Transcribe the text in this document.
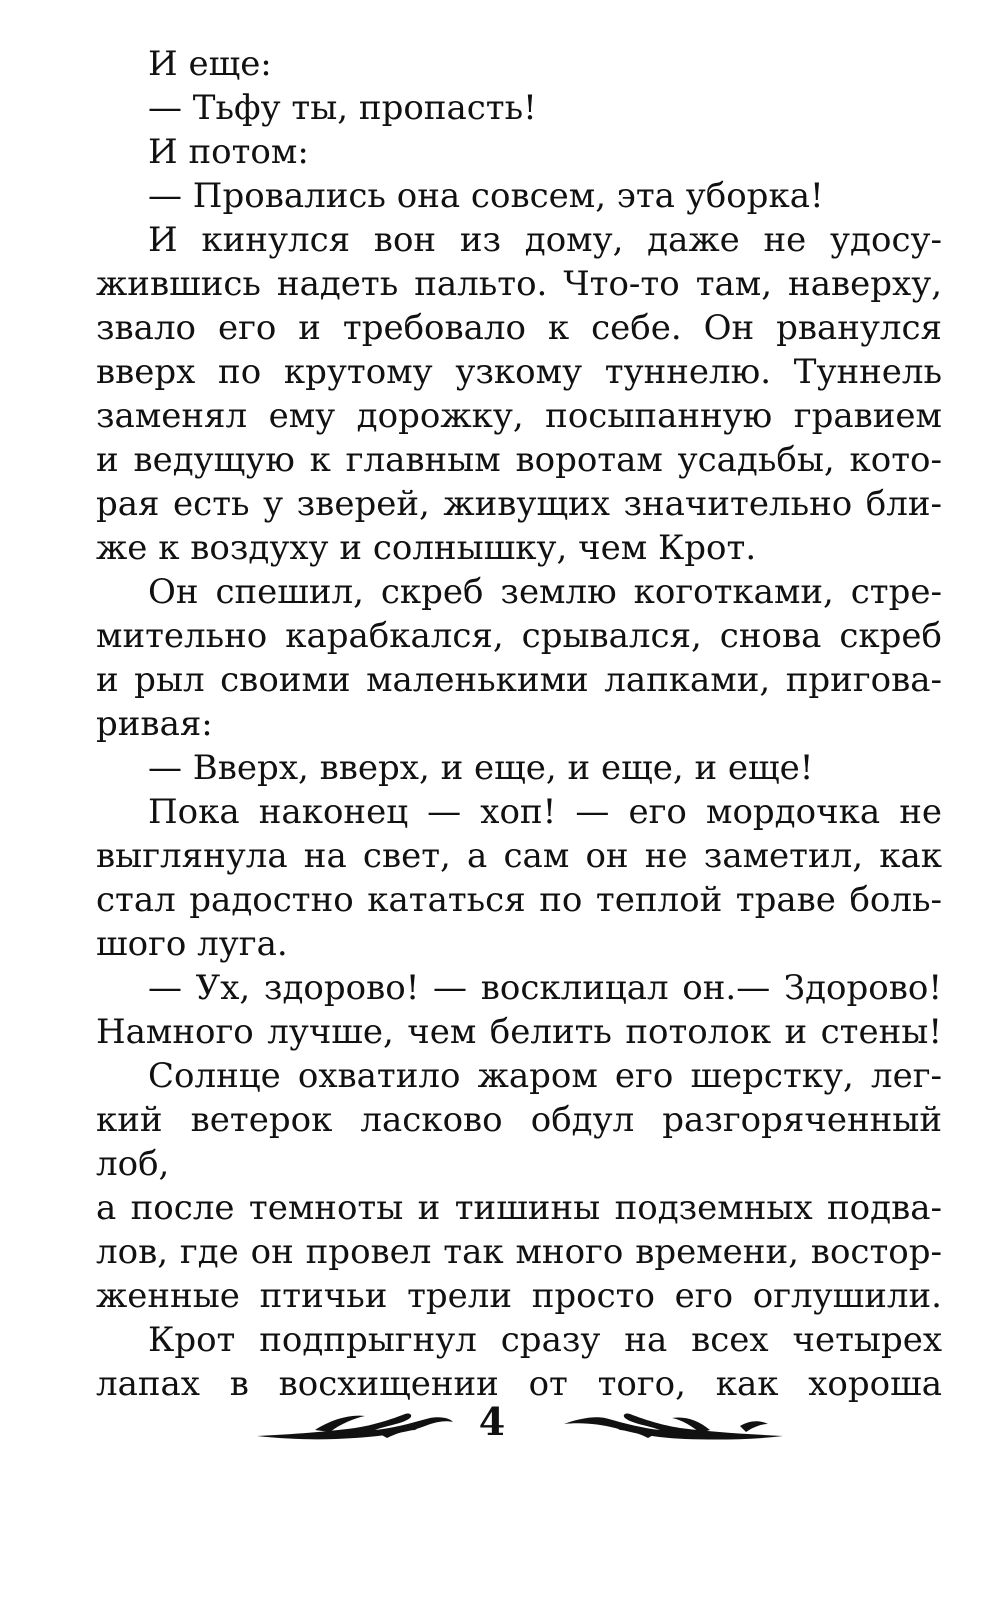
И еще:
— Тьфу ты, пропасть!
И потом:
— Провались она совсем, эта уборка!
И кинулся вон из дому, даже не удосу-
жившись надеть пальто. Что-то там, наверху,
звало его и требовало к себе. Он рванулся
вверх по крутому узкому туннелю. Туннель
заменял ему дорожку, посыпанную гравием
и ведущую к главным воротам усадьбы, кото-
рая есть у зверей, живущих значительно бли-
же к воздуху и солнышку, чем Крот.
Он спешил, скреб землю коготками, стре-
мительно карабкался, срывался, снова скреб
и рыл своими маленькими лапками, пригова-
ривая:
— Вверх, вверх, и еще, и еще, и еще!
Пока наконец — хоп! — его мордочка не
выглянула на свет, а сам он не заметил, как
стал радостно кататься по теплой траве боль-
шого луга.
— Ух, здорово! — восклицал он.— Здорово!
Намного лучше, чем белить потолок и стены!
Солнце охватило жаром его шерстку, лег-
кий ветерок ласково обдул разгоряченный лоб,
а после темноты и тишины подземных подва-
лов, где он провел так много времени, востор-
женные птичьи трели просто его оглушили.
Крот подпрыгнул сразу на всех четырех
лапах в восхищении от того, как хороша
4
